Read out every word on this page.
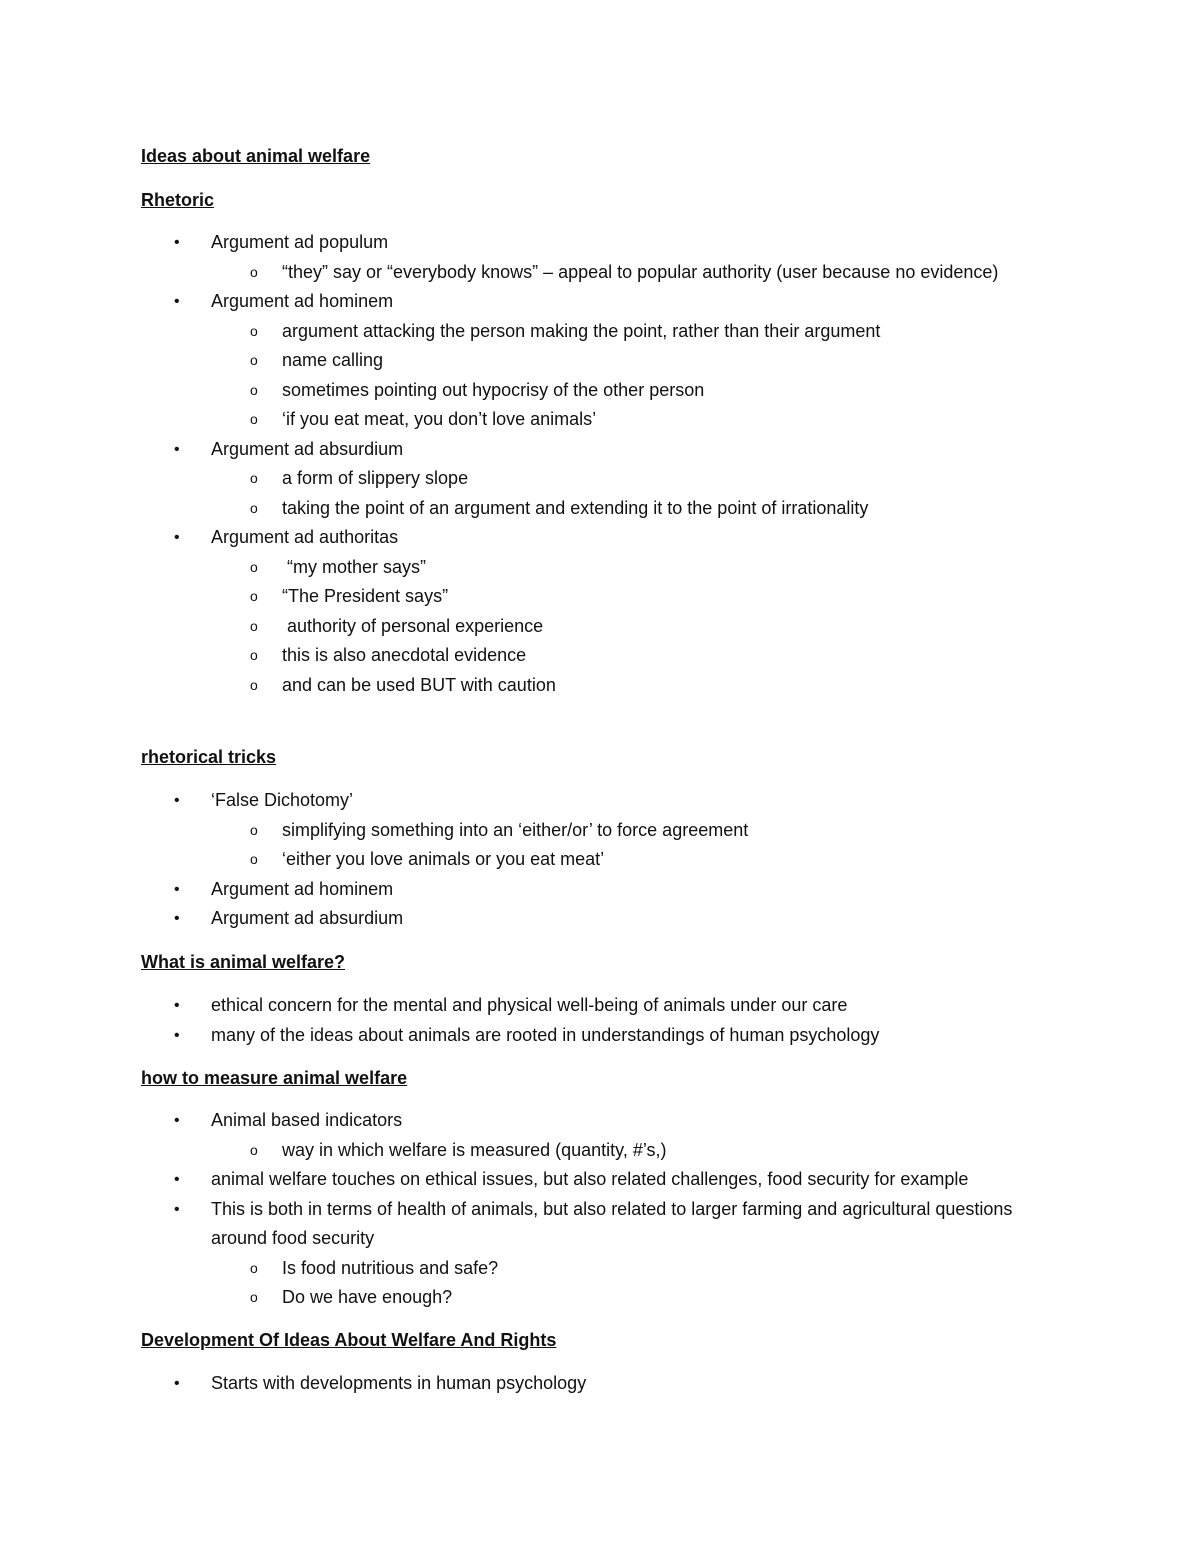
Ideas about animal welfare
Rhetoric
• Argument ad populum
o “they” say or “everybody knows” – appeal to popular authority (user because no evidence)
• Argument ad hominem
o argument attacking the person making the point, rather than their argument
o name calling
o sometimes pointing out hypocrisy of the other person
o ‘if you eat meat, you don’t love animals’
• Argument ad absurdium
o a form of slippery slope
o taking the point of an argument and extending it to the point of irrationality
• Argument ad authoritas
o “my mother says”
o “The President says”
o authority of personal experience
o this is also anecdotal evidence
o and can be used BUT with caution
rhetorical tricks
• ‘False Dichotomy’
o simplifying something into an ‘either/or’ to force agreement
o ‘either you love animals or you eat meat’
• Argument ad hominem
• Argument ad absurdium
What is animal welfare?
• ethical concern for the mental and physical well-being of animals under our care
• many of the ideas about animals are rooted in understandings of human psychology
how to measure animal welfare
• Animal based indicators
o way in which welfare is measured (quantity, #’s,)
• animal welfare touches on ethical issues, but also related challenges, food security for example
• This is both in terms of health of animals, but also related to larger farming and agricultural questions around food security
o Is food nutritious and safe?
o Do we have enough?
Development Of Ideas About Welfare And Rights
• Starts with developments in human psychology
